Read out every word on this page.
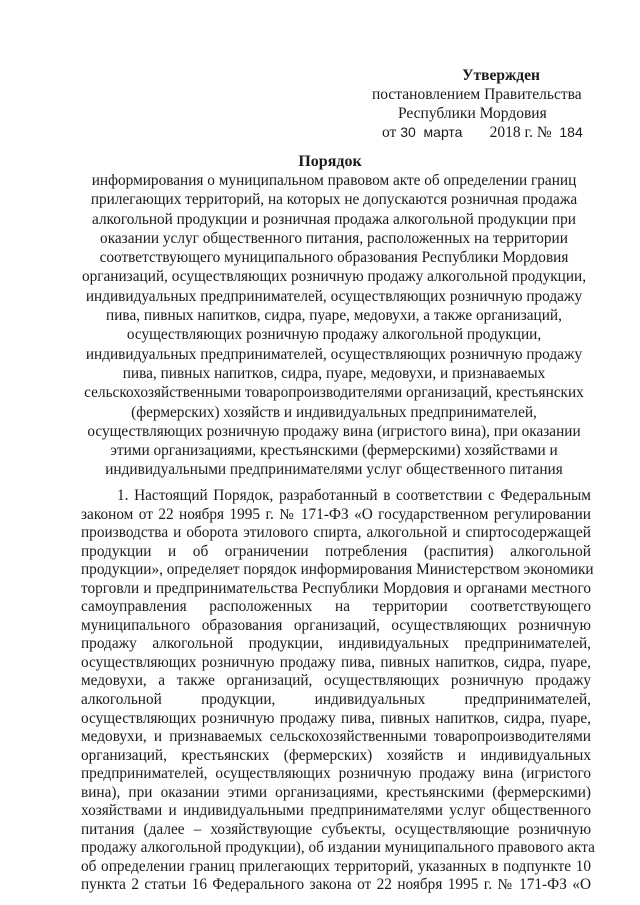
Утвержден
постановлением Правительства
Республики Мордовия
от 30 марта 2018 г. № 184
Порядок
информирования о муниципальном правовом акте об определении границ
прилегающих территорий, на которых не допускаются розничная продажа
алкогольной продукции и розничная продажа алкогольной продукции при
оказании услуг общественного питания, расположенных на территории
соответствующего муниципального образования Республики Мордовия
организаций, осуществляющих розничную продажу алкогольной продукции,
индивидуальных предпринимателей, осуществляющих розничную продажу
пива, пивных напитков, сидра, пуаре, медовухи, а также организаций,
осуществляющих розничную продажу алкогольной продукции,
индивидуальных предпринимателей, осуществляющих розничную продажу
пива, пивных напитков, сидра, пуаре, медовухи, и признаваемых
сельскохозяйственными товаропроизводителями организаций, крестьянских
(фермерских) хозяйств и индивидуальных предпринимателей,
осуществляющих розничную продажу вина (игристого вина), при оказании
этими организациями, крестьянскими (фермерскими) хозяйствами и
индивидуальными предпринимателями услуг общественного питания
1. Настоящий Порядок, разработанный в соответствии с Федеральным
законом от 22 ноября 1995 г. № 171-ФЗ «О государственном регулировании
производства и оборота этилового спирта, алкогольной и спиртосодержащей
продукции и об ограничении потребления (распития) алкогольной
продукции», определяет порядок информирования Министерством экономики
торговли и предпринимательства Республики Мордовия и органами местного
самоуправления расположенных на территории соответствующего
муниципального образования организаций, осуществляющих розничную
продажу алкогольной продукции, индивидуальных предпринимателей,
осуществляющих розничную продажу пива, пивных напитков, сидра, пуаре,
медовухи, а также организаций, осуществляющих розничную продажу
алкогольной продукции, индивидуальных предпринимателей,
осуществляющих розничную продажу пива, пивных напитков, сидра, пуаре,
медовухи, и признаваемых сельскохозяйственными товаропроизводителями
организаций, крестьянских (фермерских) хозяйств и индивидуальных
предпринимателей, осуществляющих розничную продажу вина (игристого
вина), при оказании этими организациями, крестьянскими (фермерскими)
хозяйствами и индивидуальными предпринимателями услуг общественного
питания (далее – хозяйствующие субъекты, осуществляющие розничную
продажу алкогольной продукции), об издании муниципального правового акта
об определении границ прилегающих территорий, указанных в подпункте 10
пункта 2 статьи 16 Федерального закона от 22 ноября 1995 г. № 171-ФЗ «О
